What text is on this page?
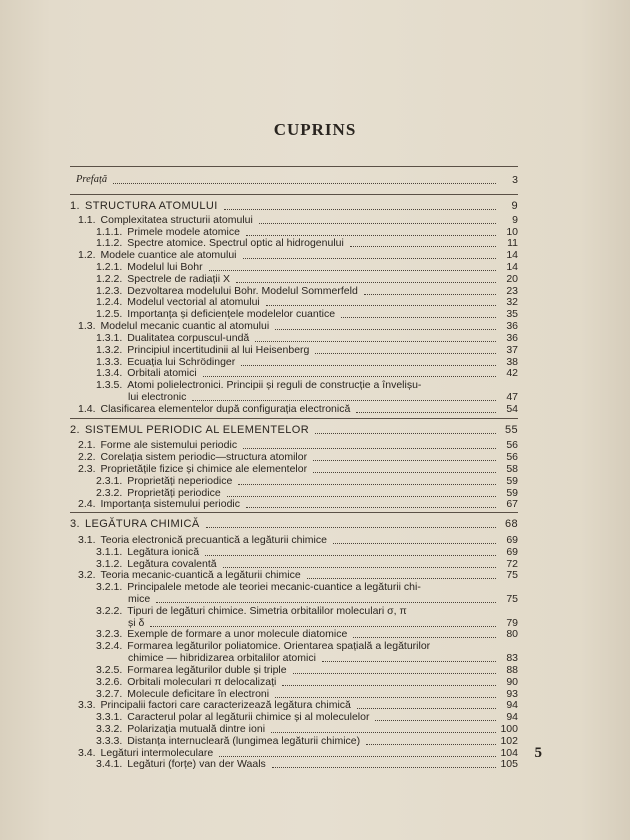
CUPRINS
Prefață	3
1. STRUCTURA ATOMULUI	9
1.1. Complexitatea structurii atomului	9
1.1.1. Primele modele atomice	10
1.1.2. Spectre atomice. Spectrul optic al hidrogenului	11
1.2. Modele cuantice ale atomului	14
1.2.1. Modelul lui Bohr	14
1.2.2. Spectrele de radiații X	20
1.2.3. Dezvoltarea modelului Bohr. Modelul Sommerfeld	23
1.2.4. Modelul vectorial al atomului	32
1.2.5. Importanța și deficiențele modelelor cuantice	35
1.3. Modelul mecanic cuantic al atomului	36
1.3.1. Dualitatea corpuscul-undă	36
1.3.2. Principiul incertitudinii al lui Heisenberg	37
1.3.3. Ecuația lui Schrödinger	38
1.3.4. Orbitali atomici	42
1.3.5. Atomi polielectronici. Principii și reguli de construcție a învelișu-
lui electronic	47
1.4. Clasificarea elementelor după configurația electronică	54
2. SISTEMUL PERIODIC AL ELEMENTELOR	55
2.1. Forme ale sistemului periodic	56
2.2. Corelația sistem periodic—structura atomilor	56
2.3. Proprietățile fizice și chimice ale elementelor	58
2.3.1. Proprietăți neperiodice	59
2.3.2. Proprietăți periodice	59
2.4. Importanța sistemului periodic	67
3. LEGĂTURA CHIMICĂ	68
3.1. Teoria electronică precuantică a legăturii chimice	69
3.1.1. Legătura ionică	69
3.1.2. Legătura covalentă	72
3.2. Teoria mecanic-cuantică a legăturii chimice	75
3.2.1. Principalele metode ale teoriei mecanic-cuantice a legăturii chi-
mice	75
3.2.2. Tipuri de legături chimice. Simetria orbitalilor moleculari σ, π
și δ	79
3.2.3. Exemple de formare a unor molecule diatomice	80
3.2.4. Formarea legăturilor poliatomice. Orientarea spațială a legăturilor
chimice — hibridizarea orbitalilor atomici	83
3.2.5. Formarea legăturilor duble și triple	88
3.2.6. Orbitali moleculari π delocalizați	90
3.2.7. Molecule deficitare în electroni	93
3.3. Principalii factori care caracterizează legătura chimică	94
3.3.1. Caracterul polar al legăturii chimice și al moleculelor	94
3.3.2. Polarizația mutuală dintre ioni	100
3.3.3. Distanța internucleară (lungimea legăturii chimice)	102
3.4. Legături intermoleculare	104
3.4.1. Legături (forțe) van der Waals	105
5
